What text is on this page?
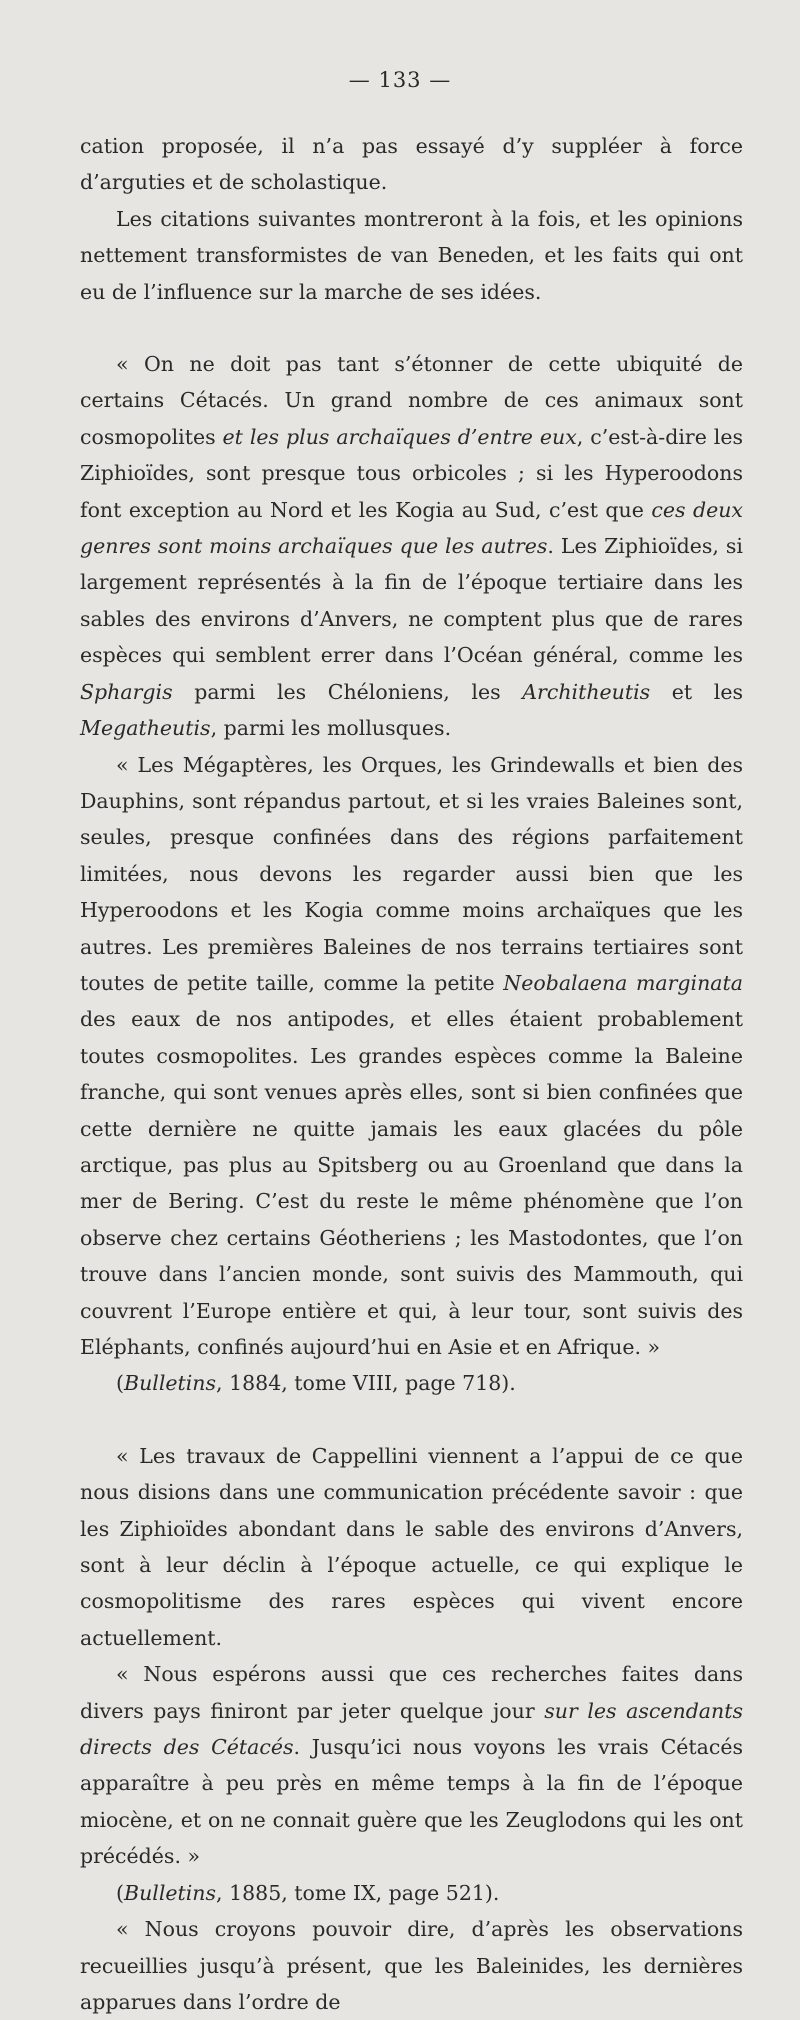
— 133 —

cation proposée, il n’a pas essayé d’y suppléer à force d’arguties et de scholastique.

Les citations suivantes montreront à la fois, et les opinions nettement transformistes de van Beneden, et les faits qui ont eu de l’influence sur la marche de ses idées.

« On ne doit pas tant s’étonner de cette ubiquité de certains Cétacés. Un grand nombre de ces animaux sont cosmopolites et les plus archaïques d’entre eux, c’est-à-dire les Ziphioïdes, sont presque tous orbicoles ; si les Hyperoodons font exception au Nord et les Kogia au Sud, c’est que ces deux genres sont moins archaïques que les autres. Les Ziphioïdes, si largement représentés à la fin de l’époque tertiaire dans les sables des environs d’Anvers, ne comptent plus que de rares espèces qui semblent errer dans l’Océan général, comme les Sphargis parmi les Chéloniens, les Architheutis et les Megatheutis, parmi les mollusques.

« Les Mégaptères, les Orques, les Grindewalls et bien des Dauphins, sont répandus partout, et si les vraies Baleines sont, seules, presque confinées dans des régions parfaitement limitées, nous devons les regarder aussi bien que les Hyperoodons et les Kogia comme moins archaïques que les autres. Les premières Baleines de nos terrains tertiaires sont toutes de petite taille, comme la petite Neobalaena marginata des eaux de nos antipodes, et elles étaient probablement toutes cosmopolites. Les grandes espèces comme la Baleine franche, qui sont venues après elles, sont si bien confinées que cette dernière ne quitte jamais les eaux glacées du pôle arctique, pas plus au Spitsberg ou au Groenland que dans la mer de Bering. C’est du reste le même phénomène que l’on observe chez certains Géotheriens ; les Mastodontes, que l’on trouve dans l’ancien monde, sont suivis des Mammouth, qui couvrent l’Europe entière et qui, à leur tour, sont suivis des Eléphants, confinés aujourd’hui en Asie et en Afrique. »

(Bulletins, 1884, tome VIII, page 718).

« Les travaux de Cappellini viennent a l’appui de ce que nous disions dans une communication précédente savoir : que les Ziphioïdes abondant dans le sable des environs d’Anvers, sont à leur déclin à l’époque actuelle, ce qui explique le cosmopolitisme des rares espèces qui vivent encore actuellement.

« Nous espérons aussi que ces recherches faites dans divers pays finiront par jeter quelque jour sur les ascendants directs des Cétacés. Jusqu’ici nous voyons les vrais Cétacés apparaître à peu près en même temps à la fin de l’époque miocène, et on ne connait guère que les Zeuglodons qui les ont précédés. »

(Bulletins, 1885, tome IX, page 521).

« Nous croyons pouvoir dire, d’après les observations recueillies jusqu’à présent, que les Baleinides, les dernières apparues dans l’ordre de
